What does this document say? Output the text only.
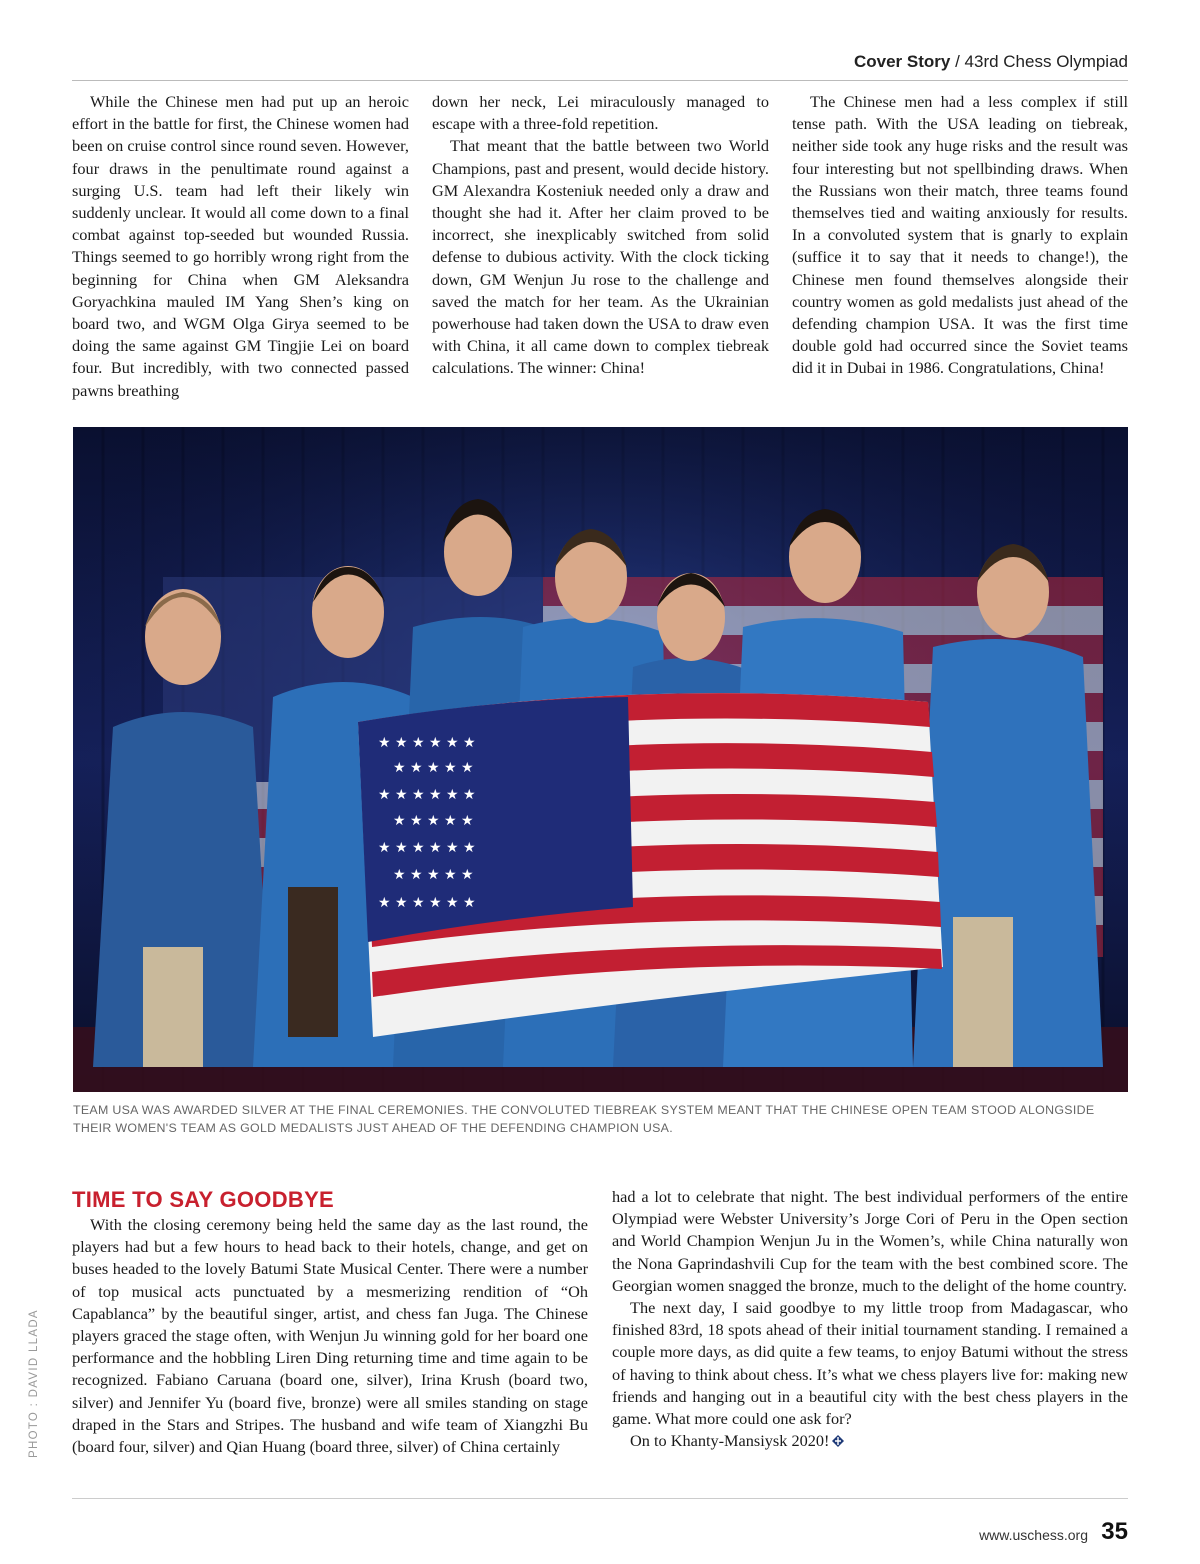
Cover Story / 43rd Chess Olympiad

While the Chinese men had put up an heroic effort in the battle for first, the Chinese women had been on cruise control since round seven. However, four draws in the penultimate round against a surging U.S. team had left their likely win suddenly unclear. It would all come down to a final combat against top-seeded but wounded Russia. Things seemed to go horribly wrong right from the beginning for China when GM Aleksandra Goryachkina mauled IM Yang Shen’s king on board two, and WGM Olga Girya seemed to be doing the same against GM Tingjie Lei on board four. But incredibly, with two connected passed pawns breathing

down her neck, Lei miraculously managed to escape with a three-fold repetition.

That meant that the battle between two World Champions, past and present, would decide history. GM Alexandra Kosteniuk needed only a draw and thought she had it. After her claim proved to be incorrect, she inexplicably switched from solid defense to dubious activity. With the clock ticking down, GM Wenjun Ju rose to the challenge and saved the match for her team. As the Ukrainian powerhouse had taken down the USA to draw even with China, it all came down to complex tiebreak calculations. The winner: China!

The Chinese men had a less complex if still tense path. With the USA leading on tiebreak, neither side took any huge risks and the result was four interesting but not spellbinding draws. When the Russians won their match, three teams found themselves tied and waiting anxiously for results. In a convoluted system that is gnarly to explain (suffice it to say that it needs to change!), the Chinese men found themselves alongside their country women as gold medalists just ahead of the defending champion USA. It was the first time double gold had occurred since the Soviet teams did it in Dubai in 1986. Congratulations, China!

★ ★ ★ ★ ★ ★
★ ★ ★ ★ ★
★ ★ ★ ★ ★ ★
★ ★ ★ ★ ★
★ ★ ★ ★ ★ ★
★ ★ ★ ★ ★
★ ★ ★ ★ ★ ★
TEAM USA WAS AWARDED SILVER AT THE FINAL CEREMONIES. THE CONVOLUTED TIEBREAK SYSTEM MEANT THAT THE CHINESE OPEN TEAM STOOD ALONGSIDE THEIR WOMEN'S TEAM AS GOLD MEDALISTS JUST AHEAD OF THE DEFENDING CHAMPION USA.
TIME TO SAY GOODBYE

With the closing ceremony being held the same day as the last round, the players had but a few hours to head back to their hotels, change, and get on buses headed to the lovely Batumi State Musical Center. There were a number of top musical acts punctuated by a mesmerizing rendition of “Oh Capablanca” by the beautiful singer, artist, and chess fan Juga. The Chinese players graced the stage often, with Wenjun Ju winning gold for her board one performance and the hobbling Liren Ding returning time and time again to be recognized. Fabiano Caruana (board one, silver), Irina Krush (board two, silver) and Jennifer Yu (board five, bronze) were all smiles standing on stage draped in the Stars and Stripes. The husband and wife team of Xiangzhi Bu (board four, silver) and Qian Huang (board three, silver) of China certainly

had a lot to celebrate that night. The best individual performers of the entire Olympiad were Webster University’s Jorge Cori of Peru in the Open section and World Champion Wenjun Ju in the Women’s, while China naturally won the Nona Gaprindashvili Cup for the team with the best combined score. The Georgian women snagged the bronze, much to the delight of the home country.

The next day, I said goodbye to my little troop from Madagascar, who finished 83rd, 18 spots ahead of their initial tournament standing. I remained a couple more days, as did quite a few teams, to enjoy Batumi without the stress of having to think about chess. It’s what we chess players live for: making new friends and hanging out in a beautiful city with the best chess players in the game. What more could one ask for?

On to Khanty-Mansiysk 2020!

PHOTO : DAVID LLADA
www.uschess.org 35
